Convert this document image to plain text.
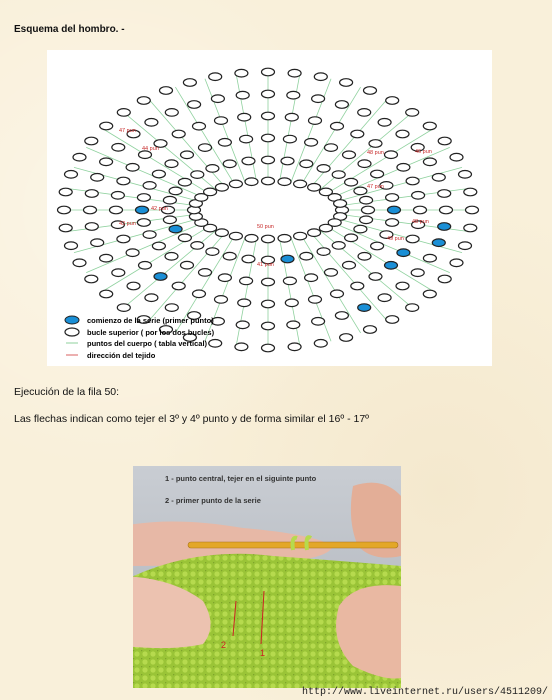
Esquema del hombro. -
47 pun
44 pun
43 pun	50 pun
48 pun
47 pun
42 pun
46 pun
41 pun
48 pun
49 pun
comienzo de la serie (primer punto)
bucle superior ( por los dos bucles)
puntos del cuerpo ( tabla vertical)
dirección del tejido
Ejecución de la fila 50:
Las flechas indican como tejer el 3º y 4º punto y de forma similar el 16º - 17º
2
1
1 - punto central, tejer en el siguinte punto
2 - primer punto de la serie
http://www.liveinternet.ru/users/4511209/
